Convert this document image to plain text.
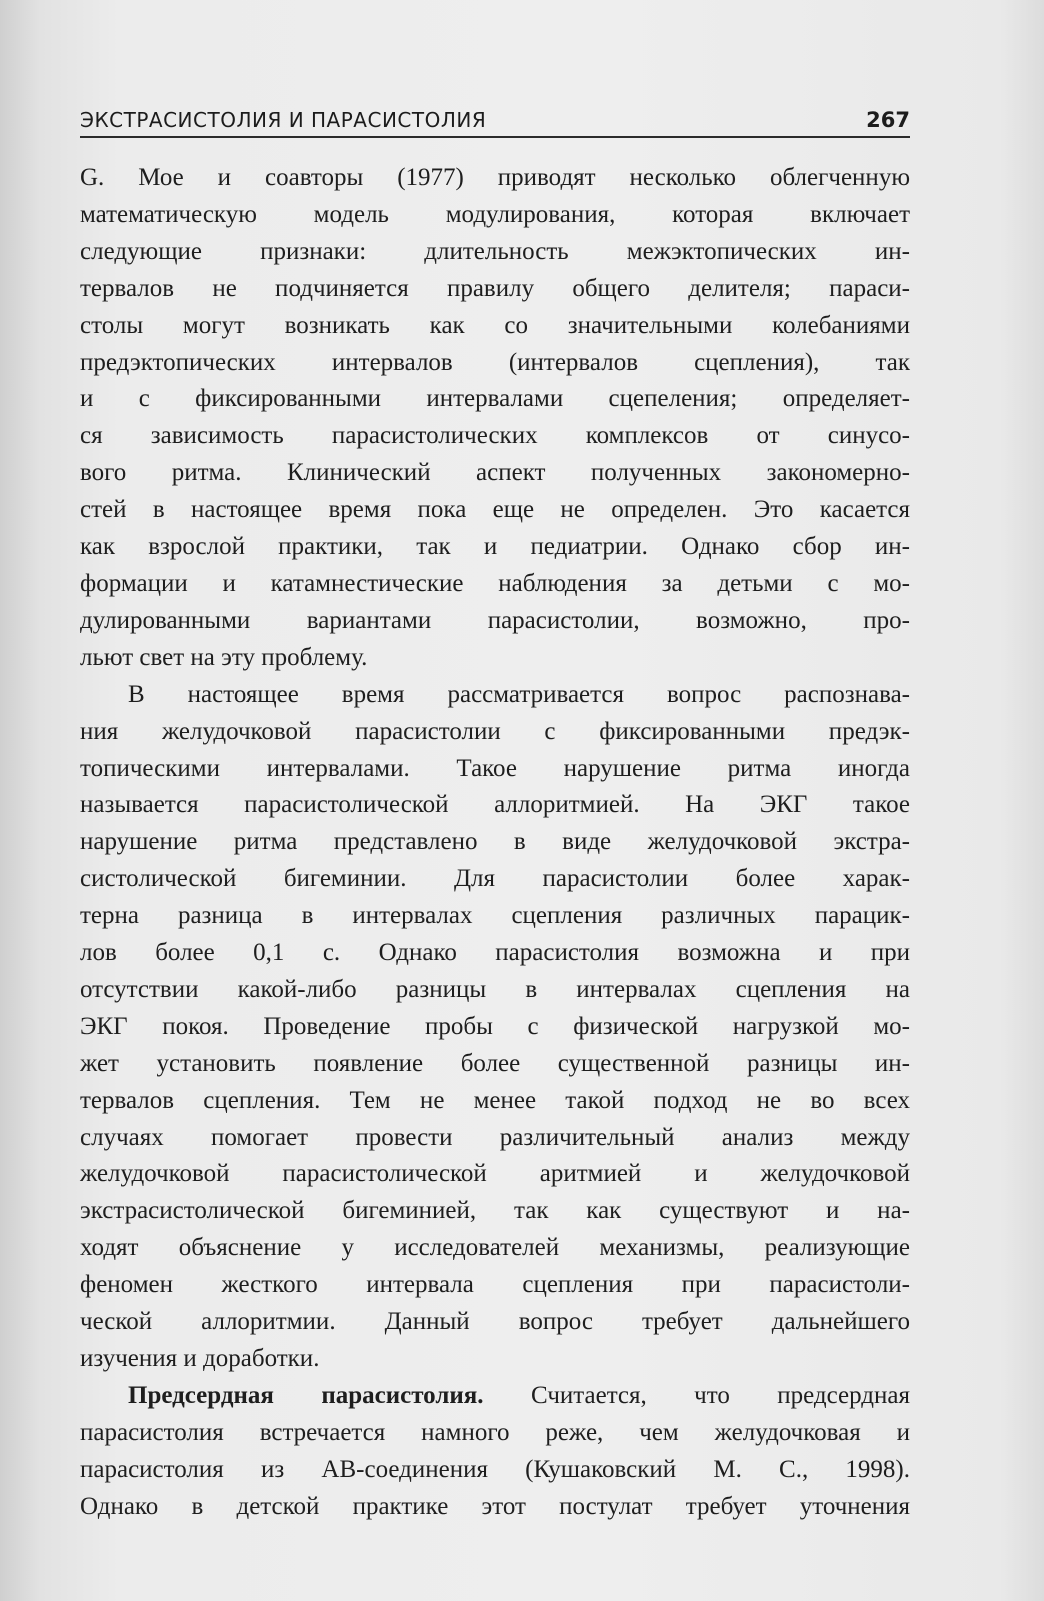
ЭКСТРАСИСТОЛИЯ И ПАРАСИСТОЛИЯ	267
G. Мое и соавторы (1977) приводят несколько облегченную
математическую модель модулирования, которая включает
следующие признаки: длительность межэктопических ин-
тервалов не подчиняется правилу общего делителя; параси-
столы могут возникать как со значительными колебаниями
предэктопических интервалов (интервалов сцепления), так
и с фиксированными интервалами сцепеления; определяет-
ся зависимость парасистолических комплексов от синусо-
вого ритма. Клинический аспект полученных закономерно-
стей в настоящее время пока еще не определен. Это касается
как взрослой практики, так и педиатрии. Однако сбор ин-
формации и катамнестические наблюдения за детьми с мо-
дулированными вариантами парасистолии, возможно, про-
льют свет на эту проблему.
В настоящее время рассматривается вопрос распознава-
ния желудочковой парасистолии с фиксированными предэк-
топическими интервалами. Такое нарушение ритма иногда
называется парасистолической аллоритмией. На ЭКГ такое
нарушение ритма представлено в виде желудочковой экстра-
систолической бигеминии. Для парасистолии более харак-
терна разница в интервалах сцепления различных парацик-
лов более 0,1 с. Однако парасистолия возможна и при
отсутствии какой-либо разницы в интервалах сцепления на
ЭКГ покоя. Проведение пробы с физической нагрузкой мо-
жет установить появление более существенной разницы ин-
тервалов сцепления. Тем не менее такой подход не во всех
случаях помогает провести различительный анализ между
желудочковой парасистолической аритмией и желудочковой
экстрасистолической бигеминией, так как существуют и на-
ходят объяснение у исследователей механизмы, реализующие
феномен жесткого интервала сцепления при парасистоли-
ческой аллоритмии. Данный вопрос требует дальнейшего
изучения и доработки.
Предсердная парасистолия. Считается, что предсердная
парасистолия встречается намного реже, чем желудочковая и
парасистолия из АВ-соединения (Кушаковский М. С., 1998).
Однако в детской практике этот постулат требует уточнения
